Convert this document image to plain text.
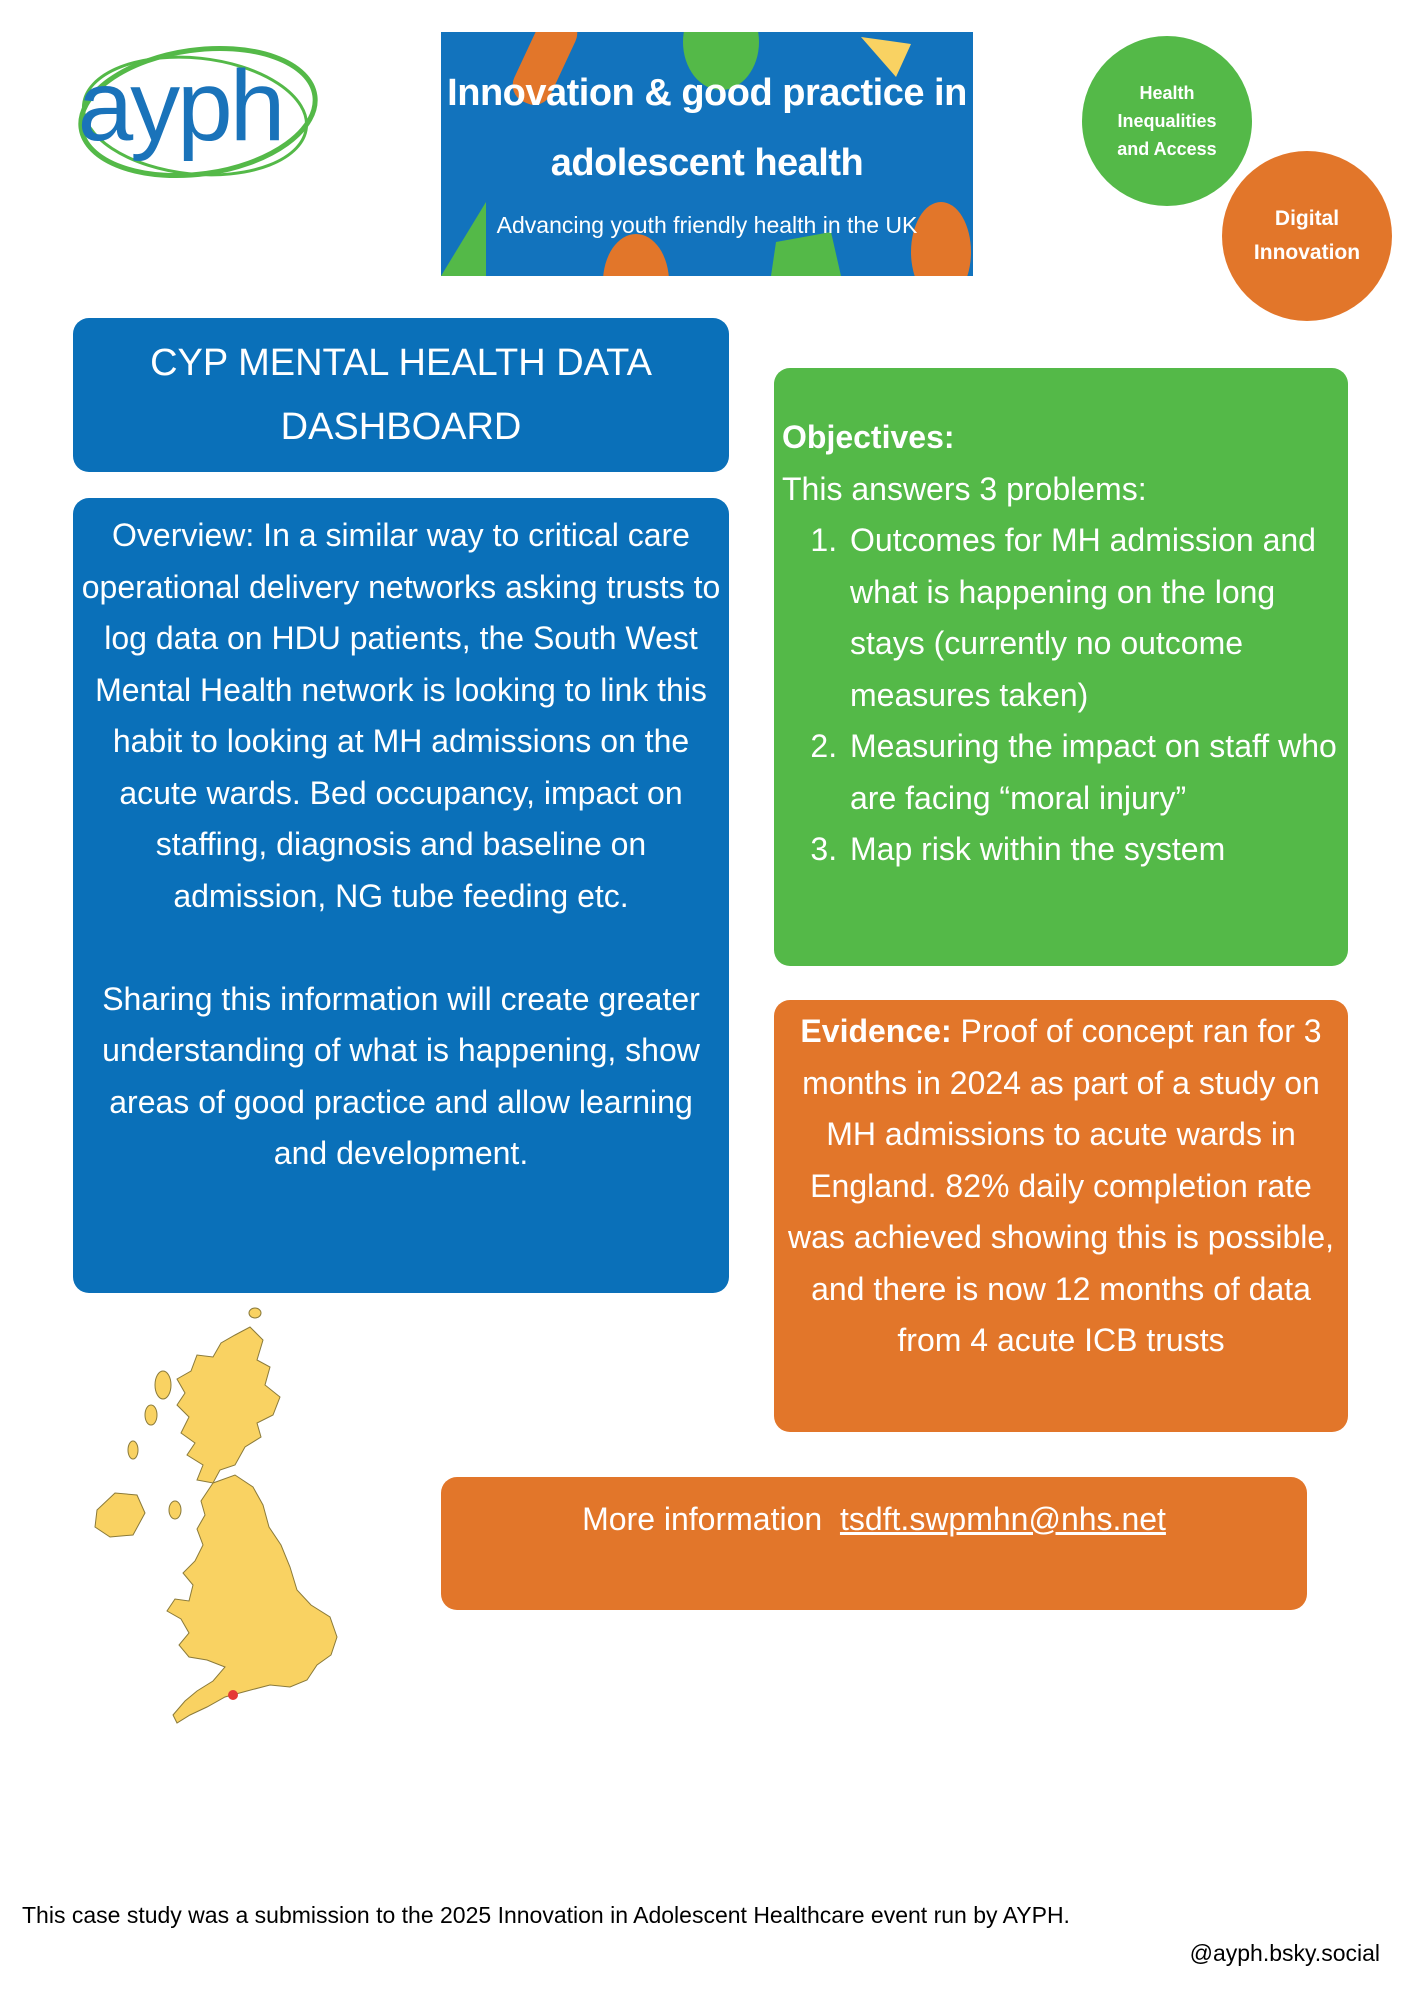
ayph	Innovation & good practice in
adolescent health
Advancing youth friendly health in the UK
Health Inequalities and Access
Digital Innovation
CYP MENTAL HEALTH DATA DASHBOARD

Overview: In a similar way to critical care operational delivery networks asking trusts to log data on HDU patients, the South West Mental Health network is looking to link this habit to looking at MH admissions on the acute wards. Bed occupancy, impact on staffing, diagnosis and baseline on admission, NG tube feeding etc.

Sharing this information will create greater understanding of what is happening, show areas of good practice and allow learning and development.

Objectives:
This answers 3 problems:
1. Outcomes for MH admission and what is happening on the long stays (currently no outcome measures taken)
2. Measuring the impact on staff who are facing “moral injury”
3. Map risk within the system
Evidence: Proof of concept ran for 3 months in 2024 as part of a study on MH admissions to acute wards in England. 82% daily completion rate was achieved showing this is possible, and there is now 12 months of data from 4 acute ICB trusts
More information  tsdft.swpmhn@nhs.net
This case study was a submission to the 2025 Innovation in Adolescent Healthcare event run by AYPH.
@ayph.bsky.social
